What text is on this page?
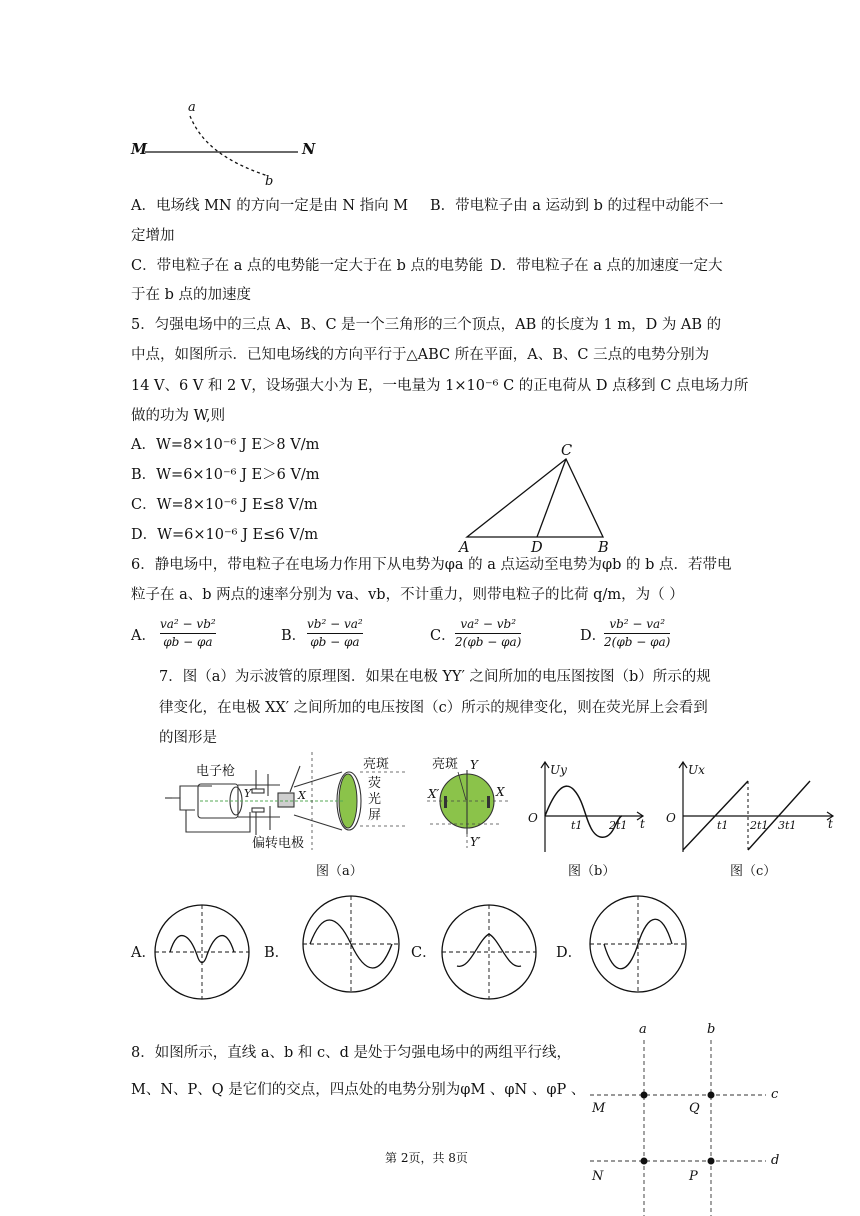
a
b
M	N
A．电场线 MN 的方向一定是由 N 指向 M B．带电粒子由 a 运动到 b 的过程中动能不一
定增加
C．带电粒子在 a 点的电势能一定大于在 b 点的电势能 D．带电粒子在 a 点的加速度一定大
于在 b 点的加速度
5．匀强电场中的三点 A、B、C 是一个三角形的三个顶点，AB 的长度为 1 m，D 为 AB 的
中点，如图所示．已知电场线的方向平行于△ABC 所在平面，A、B、C 三点的电势分别为
14 V、6 V 和 2 V，设场强大小为 E，一电量为 1×10⁻⁶ C 的正电荷从 D 点移到 C 点电场力所
做的功为 W,则
A．W=8×10⁻⁶ J E＞8 V/m
B．W=6×10⁻⁶ J E＞6 V/m
C．W=8×10⁻⁶ J E≤8 V/m
D．W=6×10⁻⁶ J E≤6 V/m
C
A	D	B
6．静电场中，带电粒子在电场力作用下从电势为φa 的 a 点运动至电势为φb 的 b 点．若带电
粒子在 a、b 两点的速率分别为 va、vb，不计重力，则带电粒子的比荷 q/m，为（ ）
A．
va² − vb²
φb − φa	B．
vb² − va²
φb − φa	C．
va² − vb²
2(φb − φa)	D．
vb² − va²
2(φb − φa)
7．图（a）为示波管的原理图．如果在电极 YY′ 之间所加的电压图按图（b）所示的规
律变化，在电极 XX′ 之间所加的电压按图（c）所示的规律变化，则在荧光屏上会看到
的图形是
电子枪	亮斑
荧
光
屏
偏转电极
Y	X
图（a）
亮斑 Y
Y′
X′	X
Uy
O
t1 2t1 t
图（b）
Ux
O
t1 2t1 3t1	t
图（c）
A．	B．	C．	D．
8．如图所示，直线 a、b 和 c、d 是处于匀强电场中的两组平行线，
M、N、P、Q 是它们的交点，四点处的电势分别为φM 、φN 、φP 、
a	b
c
d
M	Q
N	P
第 2页，共 8页
